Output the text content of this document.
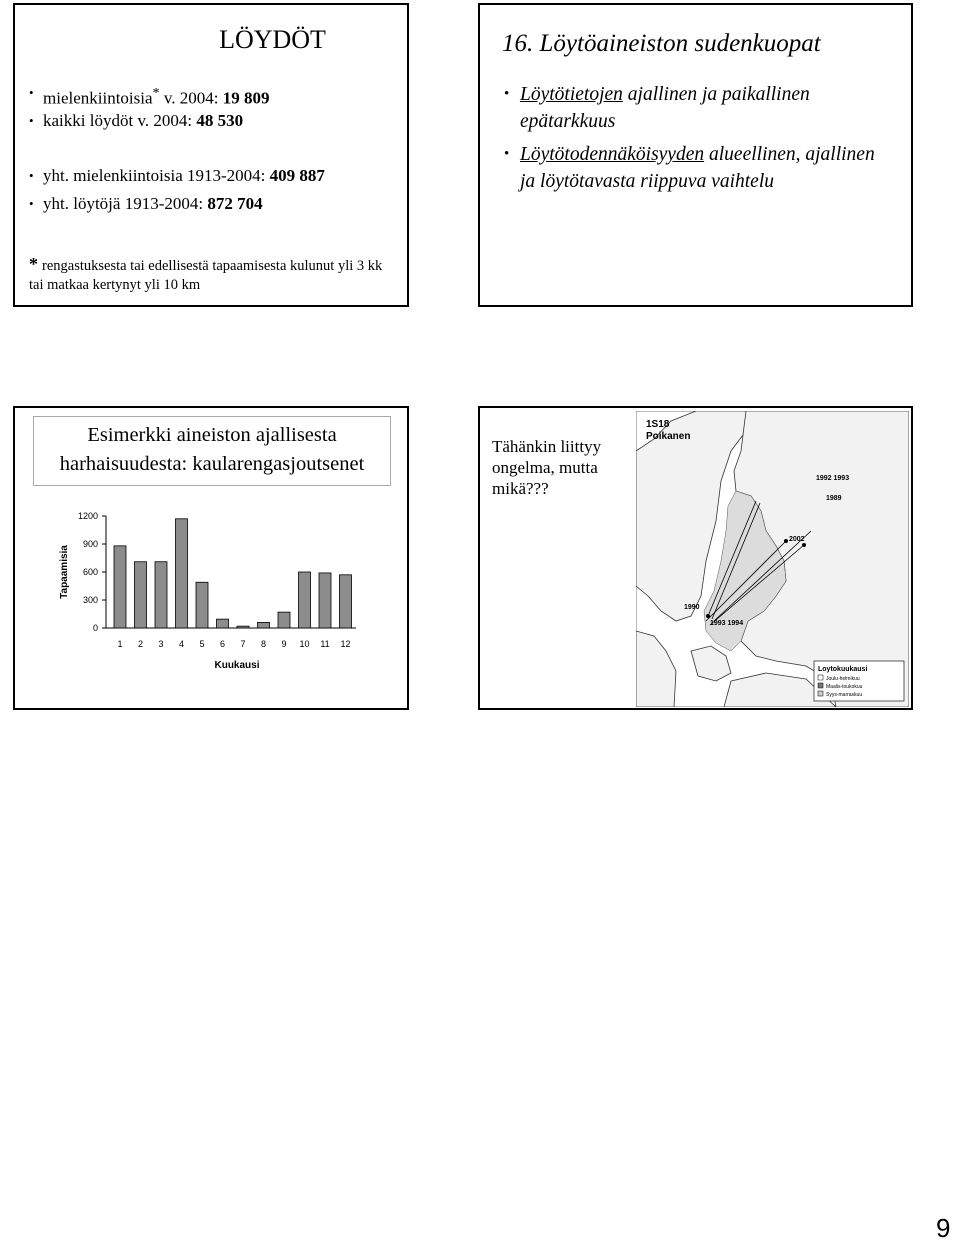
LÖYDÖT
• mielenkiintoisia* v. 2004: 19 809
• kaikki löydöt v. 2004: 48 530
• yht. mielenkiintoisia 1913-2004: 409 887
• yht. löytöjä 1913-2004: 872 704
* rengastuksesta tai edellisestä tapaamisesta kulunut yli 3 kk tai matkaa kertynyt yli 10 km
16. Löytöaineiston sudenkuopat
• Löytötietojen ajallinen ja paikallinen epätarkkuus
• Löytötodennäköisyyden alueellinen, ajallinen ja löytötavasta riippuva vaihtelu
Esimerkki aineiston ajallisesta
harhaisuudesta: kaularengasjoutsenet
0
300
600
900
1200
1 2 3 4 5 6 7 8 9 10 11 12
Kuukausi
Tapaamisia
Tähänkin liittyy
ongelma, mutta
mikä???
1S18
Poikanen
1992 1993
1989
2002
1990
1993 1994
Loytokuukausi
Joulu-helmikuu
Maalis-toukokuu
Syys-marraskuu
9
